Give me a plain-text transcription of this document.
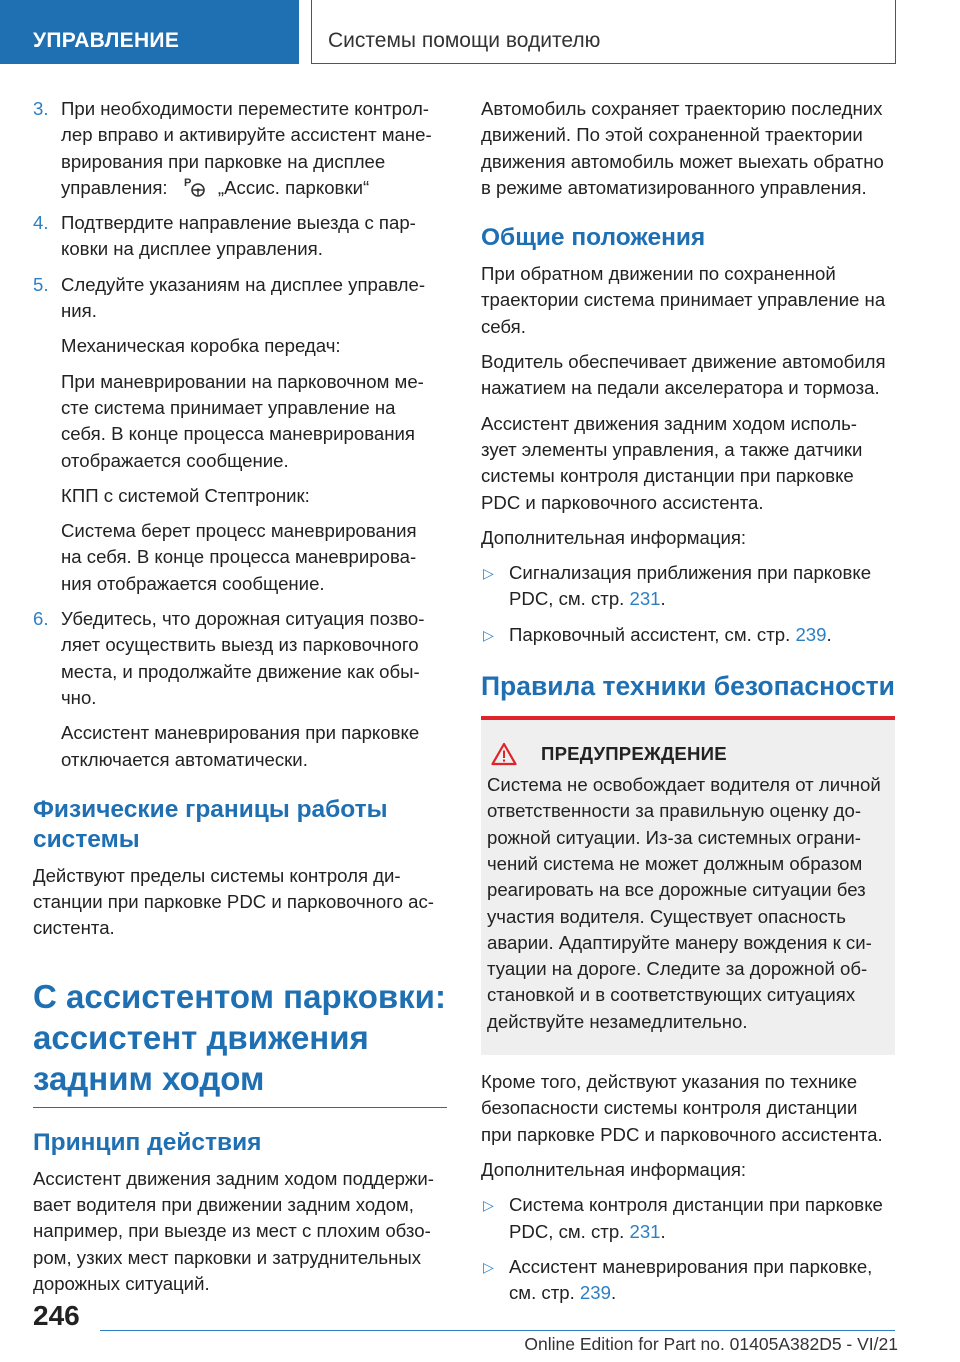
УПРАВЛЕНИЕ	Системы помощи водителю
3. При необходимости переместите контрол-
лер вправо и активируйте ассистент мане-
врирования при парковке на дисплее
управления: P „Ассис. парковки“
4. Подтвердите направление выезда с пар-
ковки на дисплее управления.
5. Следуйте указаниям на дисплее управле-
ния.

Механическая коробка передач:

При маневрировании на парковочном ме-
сте система принимает управление на
себя. В конце процесса маневрирования
отображается сообщение.

КПП с системой Стептроник:

Система берет процесс маневрирования
на себя. В конце процесса маневрирова-
ния отображается сообщение.

6. Убедитесь, что дорожная ситуация позво-
ляет осуществить выезд из парковочного
места, и продолжайте движение как обы-
чно.

Ассистент маневрирования при парковке
отключается автоматически.

Физические границы работы
системы

Действуют пределы системы контроля ди-
станции при парковке PDC и парковочного ас-
систента.

С ассистентом парковки:
ассистент движения
задним ходом
Принцип действия

Ассистент движения задним ходом поддержи-
вает водителя при движении задним ходом,
например, при выезде из мест с плохим обзо-
ром, узких мест парковки и затруднительных
дорожных ситуаций.

Автомобиль сохраняет траекторию последних
движений. По этой сохраненной траектории
движения автомобиль может выехать обратно
в режиме автоматизированного управления.

Общие положения

При обратном движении по сохраненной
траектории система принимает управление на
себя.

Водитель обеспечивает движение автомобиля
нажатием на педали акселератора и тормоза.

Ассистент движения задним ходом исполь-
зует элементы управления, а также датчики
системы контроля дистанции при парковке
PDC и парковочного ассистента.

Дополнительная информация:

▷ Сигнализация приближения при парковке
PDC, см. стр. 231.
▷ Парковочный ассистент, см. стр. 239.
Правила техники безопасности
ПРЕДУПРЕЖДЕНИЕ

Система не освобождает водителя от личной
ответственности за правильную оценку до-
рожной ситуации. Из-за системных ограни-
чений система не может должным образом
реагировать на все дорожные ситуации без
участия водителя. Существует опасность
аварии. Адаптируйте манеру вождения к си-
туации на дороге. Следите за дорожной об-
становкой и в соответствующих ситуациях
действуйте незамедлительно.

Кроме того, действуют указания по технике
безопасности системы контроля дистанции
при парковке PDC и парковочного ассистента.

Дополнительная информация:

▷ Система контроля дистанции при парковке
PDC, см. стр. 231.
▷ Ассистент маневрирования при парковке,
см. стр. 239.
246
Online Edition for Part no. 01405A382D5 - VI/21
